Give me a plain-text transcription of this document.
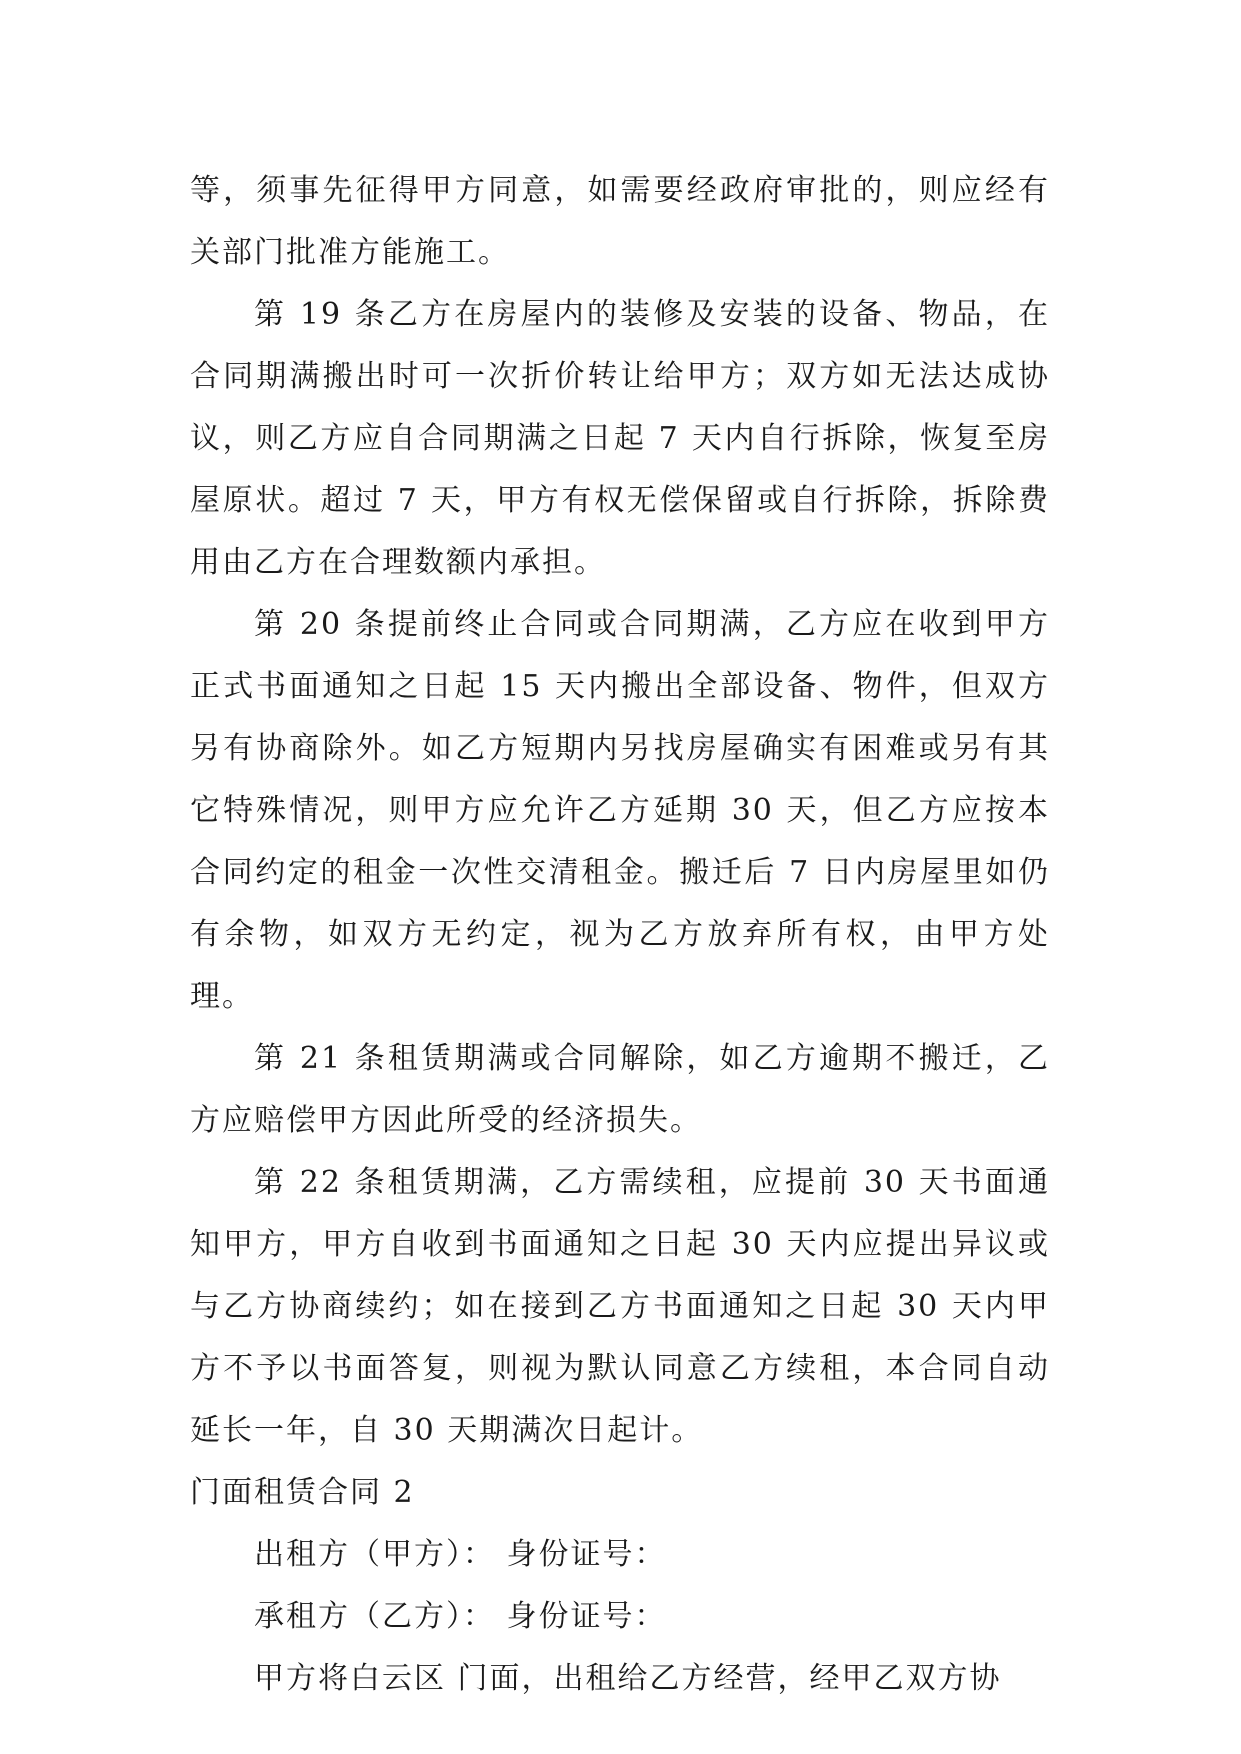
等，须事先征得甲方同意，如需要经政府审批的，则应经有关部门批准方能施工。

第 19 条乙方在房屋内的装修及安装的设备、物品，在合同期满搬出时可一次折价转让给甲方；双方如无法达成协议，则乙方应自合同期满之日起 7 天内自行拆除，恢复至房屋原状。超过 7 天，甲方有权无偿保留或自行拆除，拆除费用由乙方在合理数额内承担。

第 20 条提前终止合同或合同期满，乙方应在收到甲方正式书面通知之日起 15 天内搬出全部设备、物件，但双方另有协商除外。如乙方短期内另找房屋确实有困难或另有其它特殊情况，则甲方应允许乙方延期 30 天，但乙方应按本合同约定的租金一次性交清租金。搬迁后 7 日内房屋里如仍有余物，如双方无约定，视为乙方放弃所有权，由甲方处理。

第 21 条租赁期满或合同解除，如乙方逾期不搬迁，乙方应赔偿甲方因此所受的经济损失。

第 22 条租赁期满，乙方需续租，应提前 30 天书面通知甲方，甲方自收到书面通知之日起 30 天内应提出异议或与乙方协商续约；如在接到乙方书面通知之日起 30 天内甲方不予以书面答复，则视为默认同意乙方续租，本合同自动延长一年，自 30 天期满次日起计。

门面租赁合同 2

出租方（甲方）： 身份证号：

承租方（乙方）： 身份证号：

甲方将白云区 门面，出租给乙方经营，经甲乙双方协
